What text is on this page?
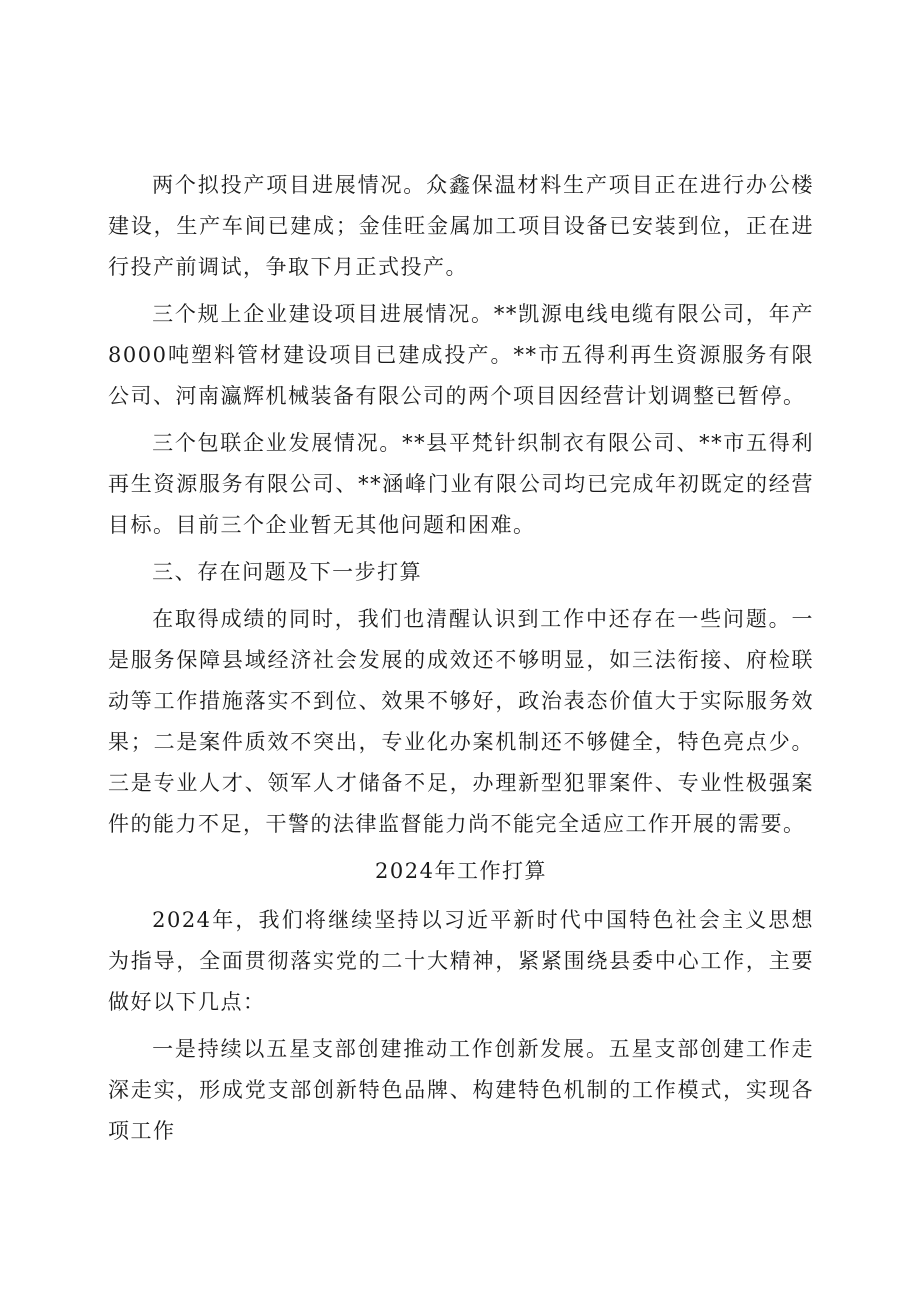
两个拟投产项目进展情况。众鑫保温材料生产项目正在进行办公楼建设，生产车间已建成；金佳旺金属加工项目设备已安装到位，正在进行投产前调试，争取下月正式投产。

三个规上企业建设项目进展情况。**凯源电线电缆有限公司，年产8000吨塑料管材建设项目已建成投产。**市五得利再生资源服务有限公司、河南瀛辉机械装备有限公司的两个项目因经营计划调整已暂停。

三个包联企业发展情况。**县平梵针织制衣有限公司、**市五得利再生资源服务有限公司、**涵峰门业有限公司均已完成年初既定的经营目标。目前三个企业暂无其他问题和困难。

三、存在问题及下一步打算

在取得成绩的同时，我们也清醒认识到工作中还存在一些问题。一是服务保障县域经济社会发展的成效还不够明显，如三法衔接、府检联动等工作措施落实不到位、效果不够好，政治表态价值大于实际服务效果；二是案件质效不突出，专业化办案机制还不够健全，特色亮点少。三是专业人才、领军人才储备不足，办理新型犯罪案件、专业性极强案件的能力不足，干警的法律监督能力尚不能完全适应工作开展的需要。

2024年工作打算

2024年，我们将继续坚持以习近平新时代中国特色社会主义思想为指导，全面贯彻落实党的二十大精神，紧紧围绕县委中心工作，主要做好以下几点：

一是持续以五星支部创建推动工作创新发展。五星支部创建工作走深走实，形成党支部创新特色品牌、构建特色机制的工作模式，实现各项工作
